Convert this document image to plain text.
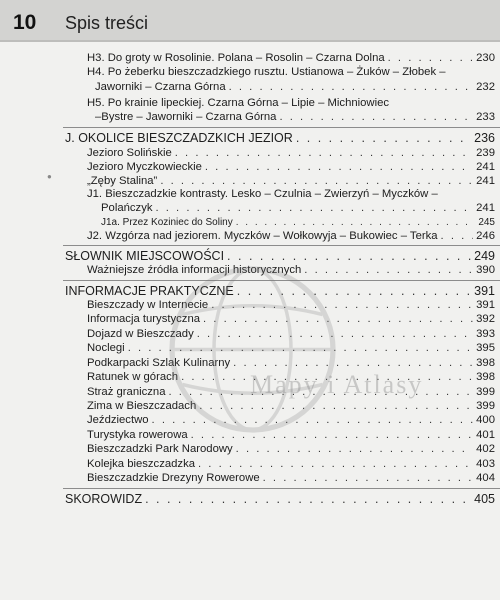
10 Spis treści
H3. Do groty w Rosolinie. Polana – Rosolin – Czarna Dolna . . .	230
H4. Po żeberku bieszczadzkiego rusztu. Ustianowa – Żuków – Złobek –
Jaworniki – Czarna Górna . . .	232
H5. Po krainie lipeckiej. Czarna Górna – Lipie – Michniowiec
–Bystre – Jaworniki – Czarna Górna . . .	233
J. OKOLICE BIESZCZADZKICH JEZIOR . . .	236
Jezioro Solińskie . . .	239
Jezioro Myczkowieckie . . .	241
●	„Zęby Stalina” . . .	241
J1. Bieszczadzkie kontrasty. Lesko – Czulnia – Zwierzyń – Myczków –
Polańczyk . . .	241
J1a. Przez Koziniec do Soliny . . .	245
J2. Wzgórza nad jeziorem. Myczków – Wołkowyja – Bukowiec – Terka . . .	246
SŁOWNIK MIEJSCOWOŚCI . . .	249
Ważniejsze źródła informacji historycznych . . .	390
INFORMACJE PRAKTYCZNE . . .	391
Bieszczady w Internecie . . .	391
Informacja turystyczna . . .	392
Dojazd w Bieszczady . . .	393
Noclegi . . .	395
Podkarpacki Szlak Kulinarny . . .	398
Ratunek w górach . . .	398
Straż graniczna . . .	399
Zima w Bieszczadach . . .	399
Jeździectwo . . .	400
Turystyka rowerowa . . .	401
Bieszczadzki Park Narodowy . . .	402
Kolejka bieszczadzka . . .	403
Bieszczadzkie Drezyny Rowerowe . . .	404
SKOROWIDZ . . .	405
Mapy i Atlasy
